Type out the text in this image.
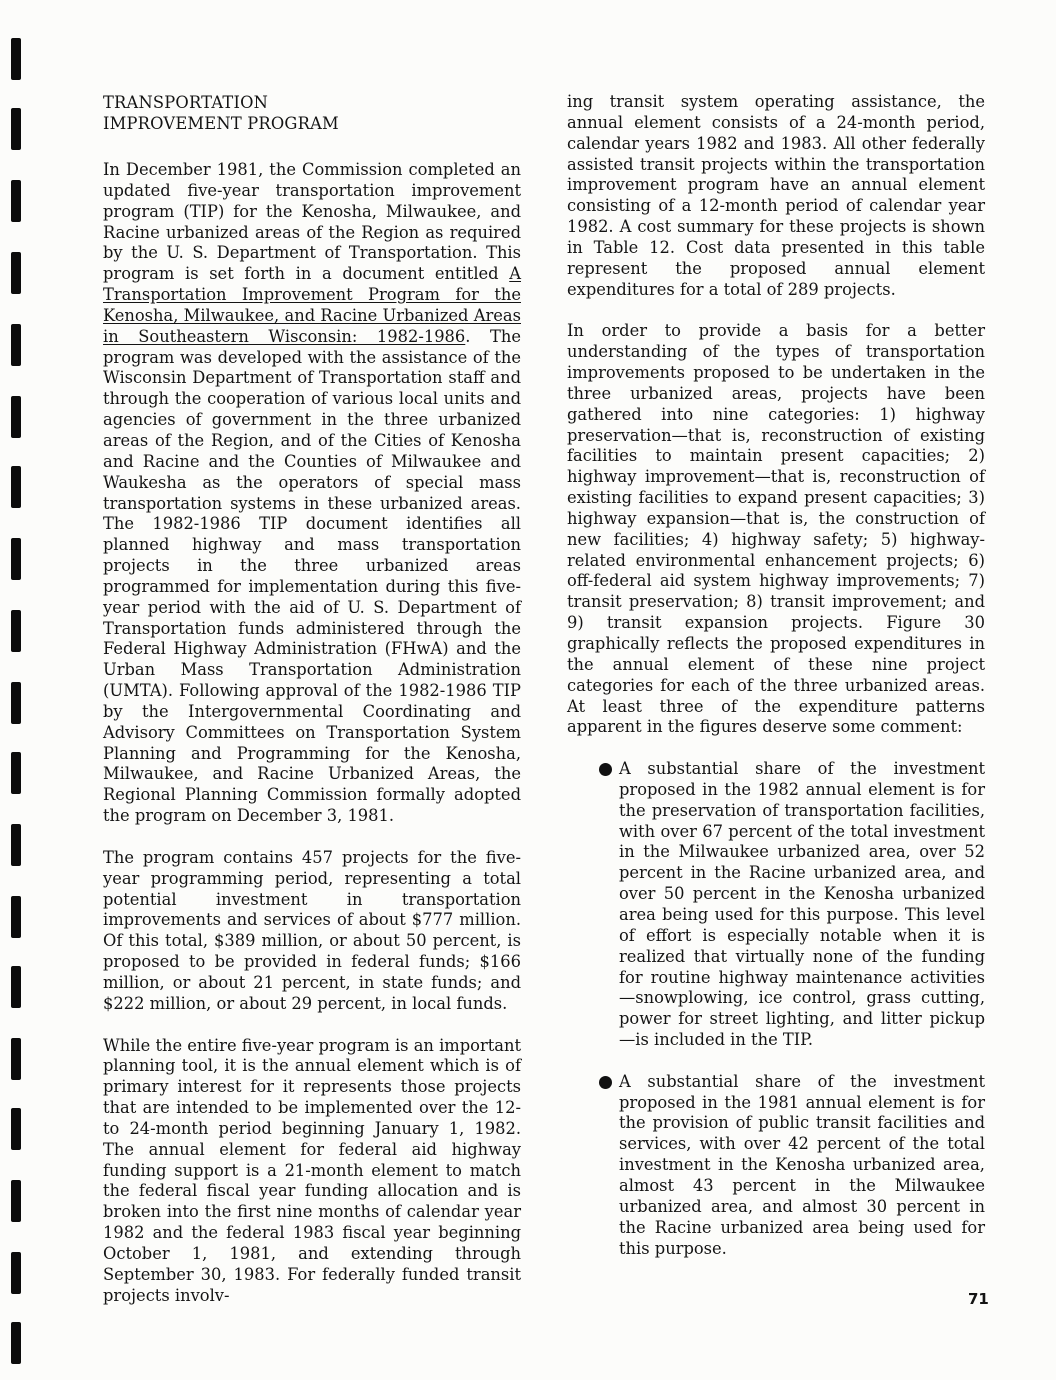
TRANSPORTATION
IMPROVEMENT PROGRAM

In December 1981, the Commission completed an updated five-year transportation improvement program (TIP) for the Kenosha, Milwaukee, and Racine urbanized areas of the Region as required by the U. S. Department of Transportation. This program is set forth in a document entitled A Transportation Improvement Program for the Kenosha, Milwaukee, and Racine Urbanized Areas in Southeastern Wisconsin: 1982-1986. The program was developed with the assistance of the Wisconsin Department of Transportation staff and through the cooperation of various local units and agencies of government in the three urbanized areas of the Region, and of the Cities of Kenosha and Racine and the Counties of Milwaukee and Waukesha as the operators of special mass transportation systems in these urbanized areas. The 1982-1986 TIP document identifies all planned highway and mass transportation projects in the three urbanized areas programmed for implementation during this five-year period with the aid of U. S. Department of Transportation funds administered through the Federal Highway Administration (FHwA) and the Urban Mass Transportation Administration (UMTA). Following approval of the 1982-1986 TIP by the Intergovernmental Coordinating and Advisory Committees on Transportation System Planning and Programming for the Kenosha, Milwaukee, and Racine Urbanized Areas, the Regional Planning Commission formally adopted the program on December 3, 1981.

The program contains 457 projects for the five-year programming period, representing a total potential investment in transportation improvements and services of about $777 million. Of this total, $389 million, or about 50 percent, is proposed to be provided in federal funds; $166 million, or about 21 percent, in state funds; and $222 million, or about 29 percent, in local funds.

While the entire five-year program is an important planning tool, it is the annual element which is of primary interest for it represents those projects that are intended to be implemented over the 12- to 24-month period beginning January 1, 1982. The annual element for federal aid highway funding support is a 21-month element to match the federal fiscal year funding allocation and is broken into the first nine months of calendar year 1982 and the federal 1983 fiscal year beginning October 1, 1981, and extending through September 30, 1983. For federally funded transit projects involv-

ing transit system operating assistance, the annual element consists of a 24-month period, calendar years 1982 and 1983. All other federally assisted transit projects within the transportation improvement program have an annual element consisting of a 12-month period of calendar year 1982. A cost summary for these projects is shown in Table 12. Cost data presented in this table represent the proposed annual element expenditures for a total of 289 projects.

In order to provide a basis for a better understanding of the types of transportation improvements proposed to be undertaken in the three urbanized areas, projects have been gathered into nine categories: 1) highway preservation—that is, reconstruction of existing facilities to maintain present capacities; 2) highway improvement—that is, reconstruction of existing facilities to expand present capacities; 3) highway expansion—that is, the construction of new facilities; 4) highway safety; 5) highway-related environmental enhancement projects; 6) off-federal aid system highway improvements; 7) transit preservation; 8) transit improvement; and 9) transit expansion projects. Figure 30 graphically reflects the proposed expenditures in the annual element of these nine project categories for each of the three urbanized areas. At least three of the expenditure patterns apparent in the figures deserve some comment:

A substantial share of the investment proposed in the 1982 annual element is for the preservation of transportation facilities, with over 67 percent of the total investment in the Milwaukee urbanized area, over 52 percent in the Racine urbanized area, and over 50 percent in the Kenosha urbanized area being used for this purpose. This level of effort is especially notable when it is realized that virtually none of the funding for routine highway maintenance activities—snowplowing, ice control, grass cutting, power for street lighting, and litter pickup—is included in the TIP.
A substantial share of the investment proposed in the 1981 annual element is for the provision of public transit facilities and services, with over 42 percent of the total investment in the Kenosha urbanized area, almost 43 percent in the Milwaukee urbanized area, and almost 30 percent in the Racine urbanized area being used for this purpose.
71
